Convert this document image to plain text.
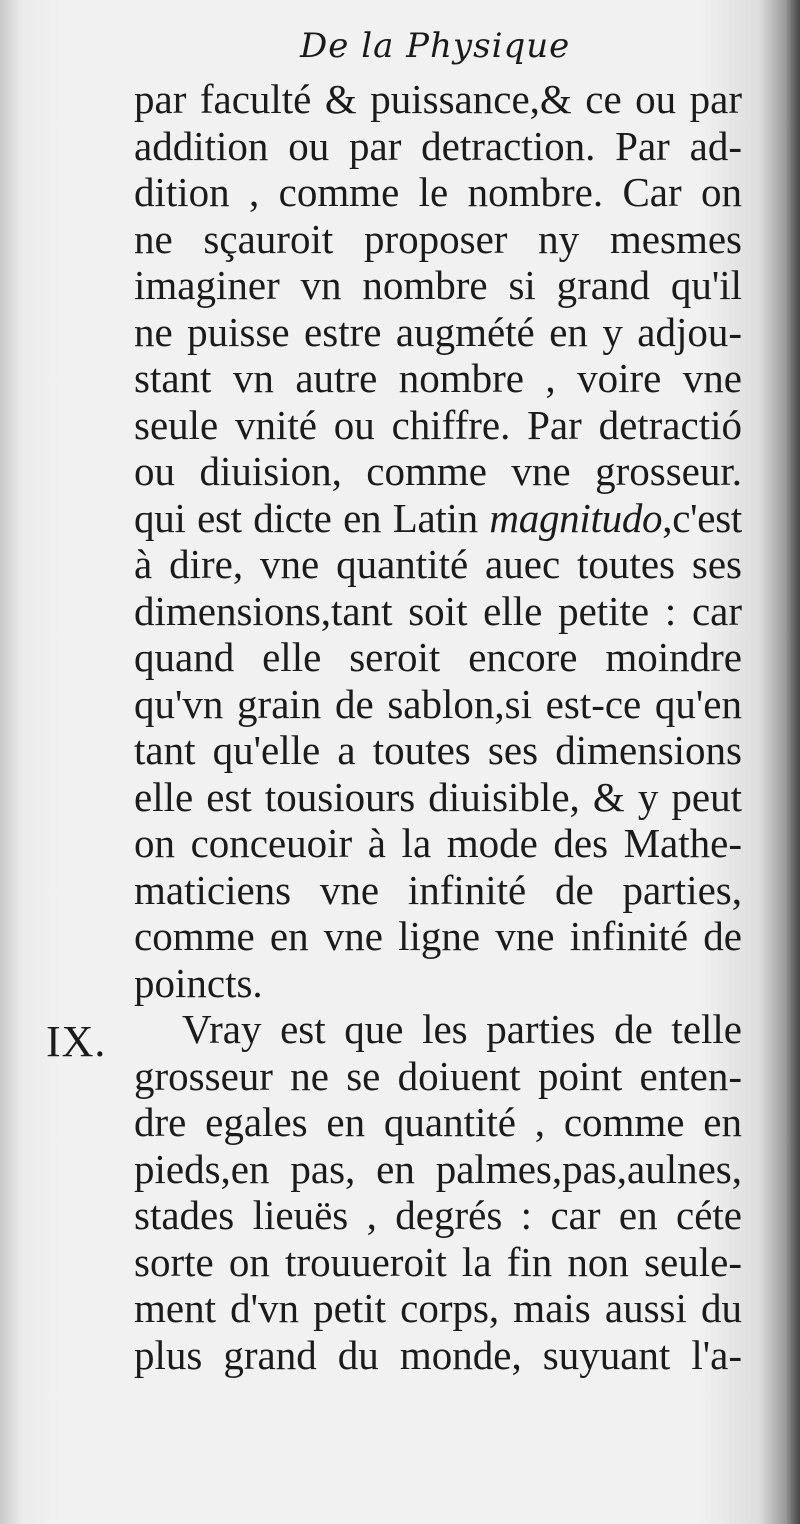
De la Physique
par faculté & puissance,& ce ou par
addition ou par detraction. Par ad-
dition , comme le nombre. Car on
ne sçauroit proposer ny mesmes
imaginer vn nombre si grand qu'il
ne puisse estre augmété en y adjou-
stant vn autre nombre , voire vne
seule vnité ou chiffre. Par detractió
ou diuision, comme vne grosseur.
qui est dicte en Latin magnitudo,c'est
à dire, vne quantité auec toutes ses
dimensions,tant soit elle petite : car
quand elle seroit encore moindre
qu'vn grain de sablon,si est-ce qu'en
tant qu'elle a toutes ses dimensions
elle est tousiours diuisible, & y peut
on conceuoir à la mode des Mathe-
maticiens vne infinité de parties,
comme en vne ligne vne infinité de
poincts.
Vray est que les parties de telle
grosseur ne se doiuent point enten-
dre egales en quantité , comme en
pieds,en pas, en palmes,pas,aulnes,
stades lieuës , degrés : car en céte
sorte on trouueroit la fin non seule-
ment d'vn petit corps, mais aussi du
plus grand du monde, suyuant l'a-
IX.
